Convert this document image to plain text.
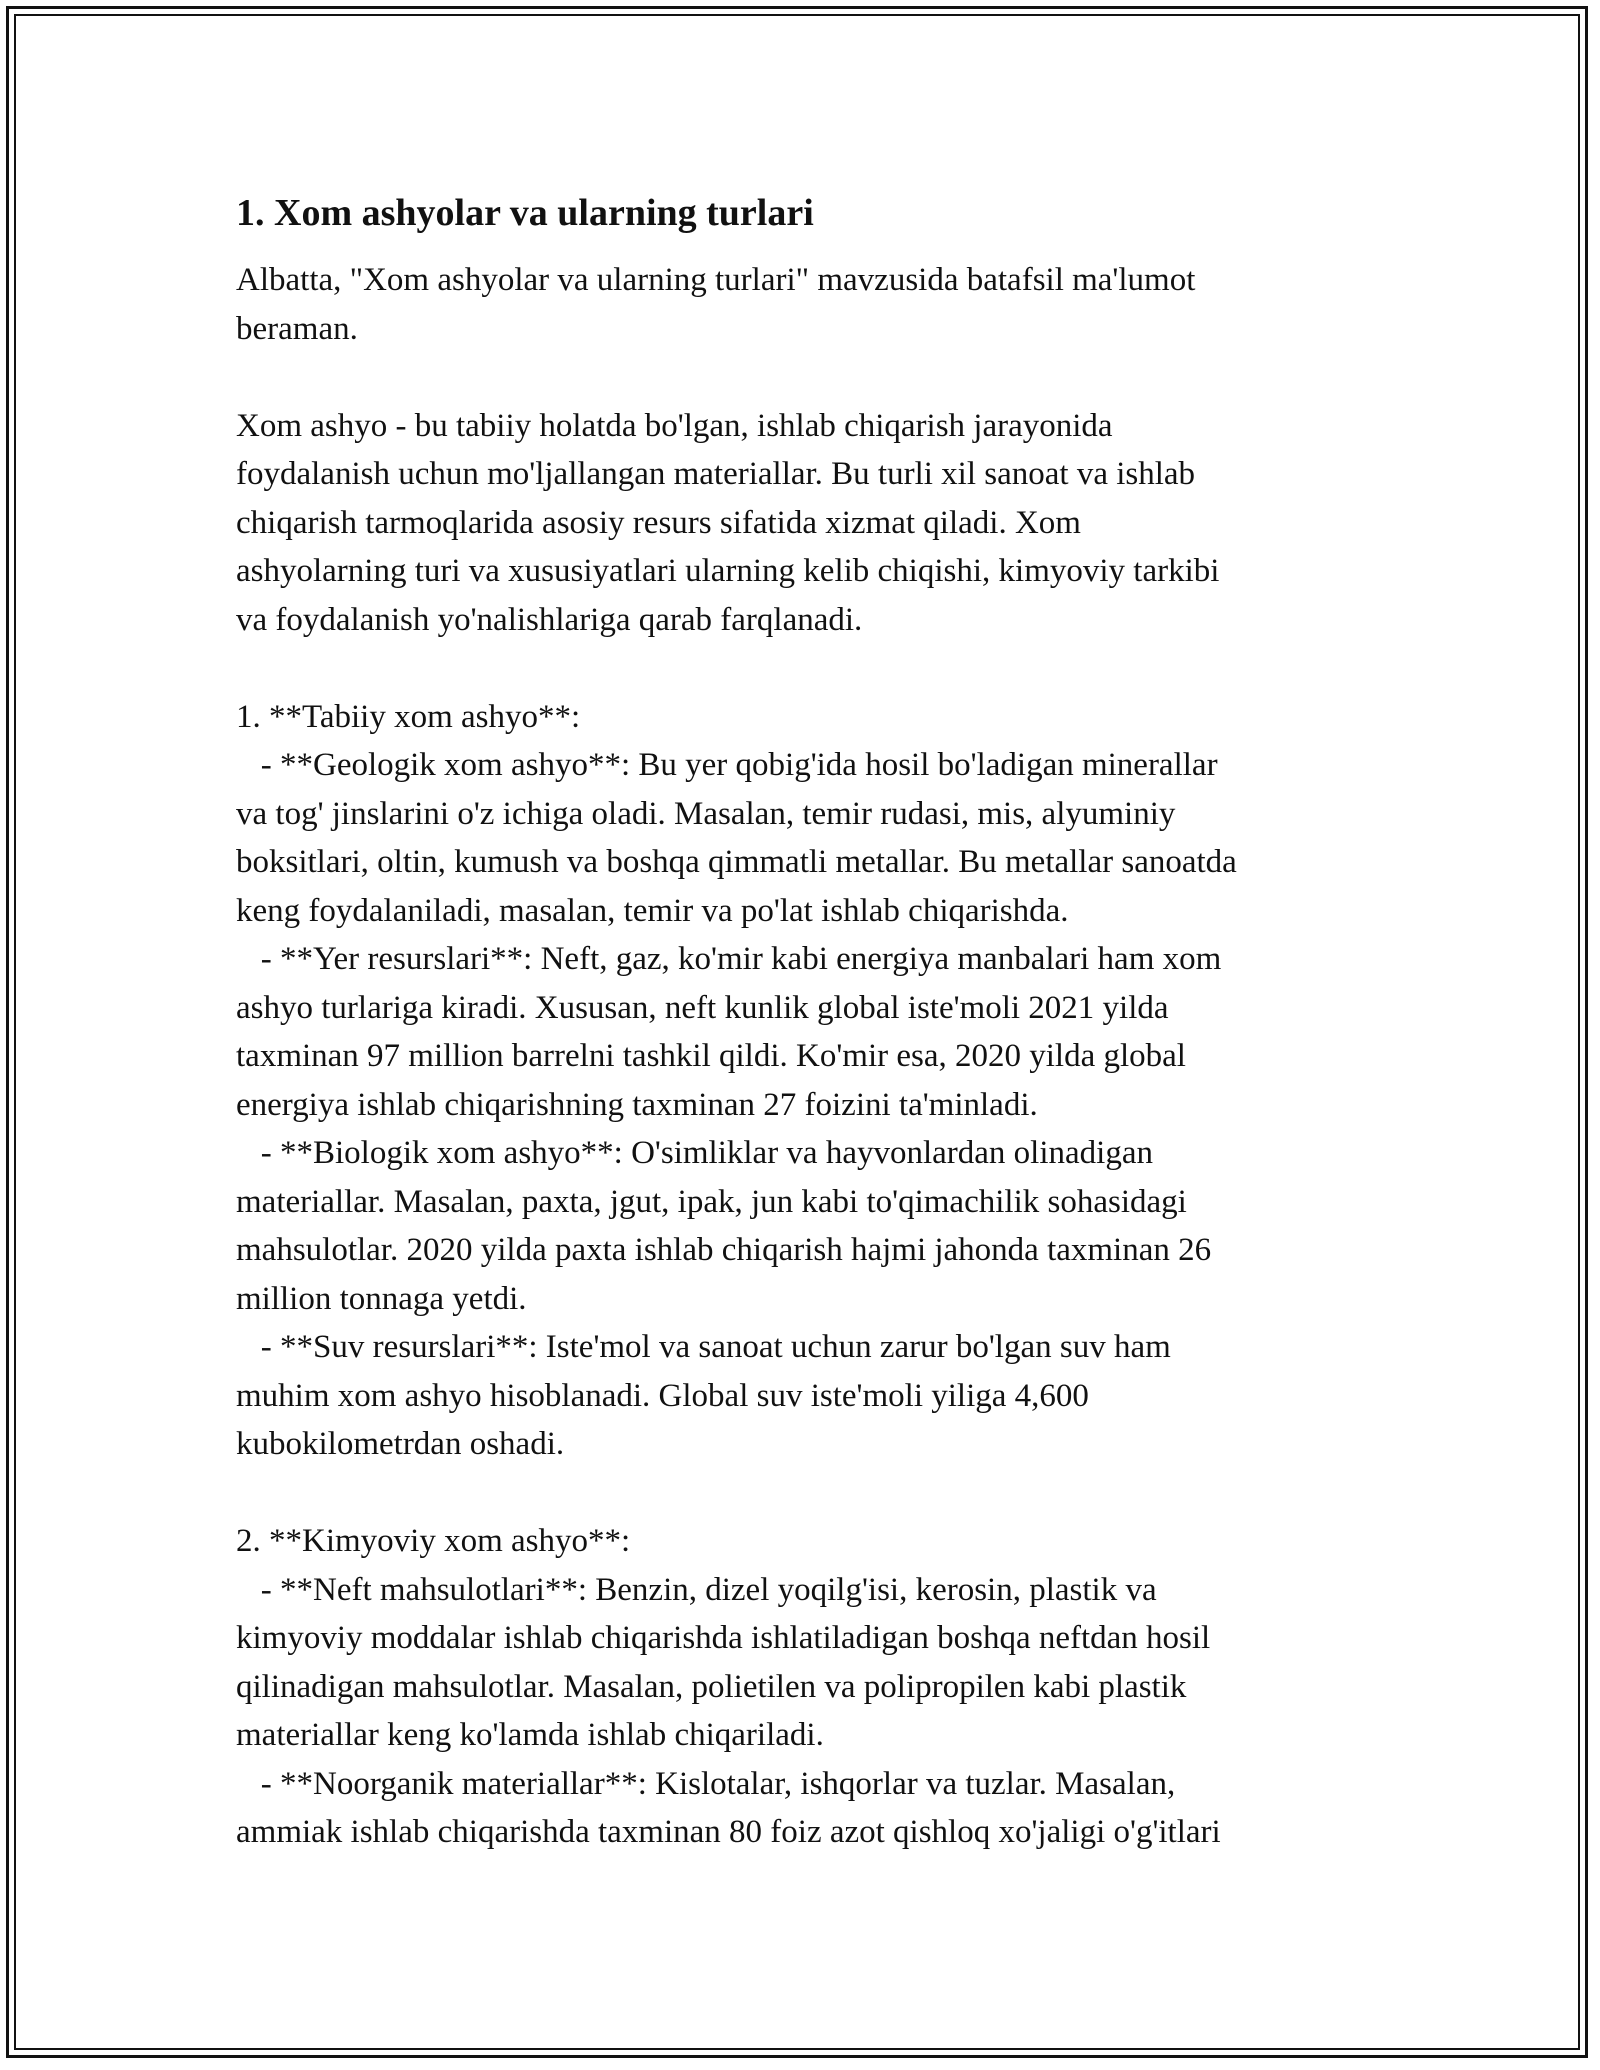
1. Xom ashyolar va ularning turlari
Albatta, "Xom ashyolar va ularning turlari" mavzusida batafsil ma'lumot
beraman.
Xom ashyo - bu tabiiy holatda bo'lgan, ishlab chiqarish jarayonida
foydalanish uchun mo'ljallangan materiallar. Bu turli xil sanoat va ishlab
chiqarish tarmoqlarida asosiy resurs sifatida xizmat qiladi. Xom
ashyolarning turi va xususiyatlari ularning kelib chiqishi, kimyoviy tarkibi
va foydalanish yo'nalishlariga qarab farqlanadi.
1. **Tabiiy xom ashyo**:
- **Geologik xom ashyo**: Bu yer qobig'ida hosil bo'ladigan minerallar
va tog' jinslarini o'z ichiga oladi. Masalan, temir rudasi, mis, alyuminiy
boksitlari, oltin, kumush va boshqa qimmatli metallar. Bu metallar sanoatda
keng foydalaniladi, masalan, temir va po'lat ishlab chiqarishda.
- **Yer resurslari**: Neft, gaz, ko'mir kabi energiya manbalari ham xom
ashyo turlariga kiradi. Xususan, neft kunlik global iste'moli 2021 yilda
taxminan 97 million barrelni tashkil qildi. Ko'mir esa, 2020 yilda global
energiya ishlab chiqarishning taxminan 27 foizini ta'minladi.
- **Biologik xom ashyo**: O'simliklar va hayvonlardan olinadigan
materiallar. Masalan, paxta, jgut, ipak, jun kabi to'qimachilik sohasidagi
mahsulotlar. 2020 yilda paxta ishlab chiqarish hajmi jahonda taxminan 26
million tonnaga yetdi.
- **Suv resurslari**: Iste'mol va sanoat uchun zarur bo'lgan suv ham
muhim xom ashyo hisoblanadi. Global suv iste'moli yiliga 4,600
kubokilometrdan oshadi.
2. **Kimyoviy xom ashyo**:
- **Neft mahsulotlari**: Benzin, dizel yoqilg'isi, kerosin, plastik va
kimyoviy moddalar ishlab chiqarishda ishlatiladigan boshqa neftdan hosil
qilinadigan mahsulotlar. Masalan, polietilen va polipropilen kabi plastik
materiallar keng ko'lamda ishlab chiqariladi.
- **Noorganik materiallar**: Kislotalar, ishqorlar va tuzlar. Masalan,
ammiak ishlab chiqarishda taxminan 80 foiz azot qishloq xo'jaligi o'g'itlari
